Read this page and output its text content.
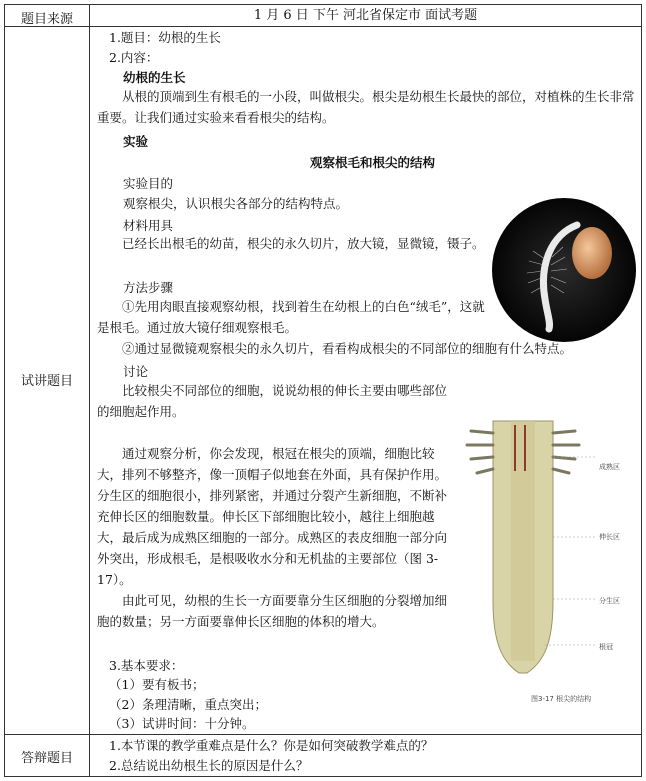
题目来源	1 月 6 日 下午 河北省保定市 面试考题
试讲题目
答辩题目
1.题目：幼根的生长
2.内容：
幼根的生长
从根的顶端到生有根毛的一小段，叫做根尖。根尖是幼根生长最快的部位，对植株的生长非常重要。让我们通过实验来看看根尖的结构。
实验
观察根毛和根尖的结构
实验目的
观察根尖，认识根尖各部分的结构特点。
材料用具
已经长出根毛的幼苗，根尖的永久切片，放大镜，显微镜，镊子。
方法步骤
①先用肉眼直接观察幼根，找到着生在幼根上的白色“绒毛”，这就是根毛。通过放大镜仔细观察根毛。
②通过显微镜观察根尖的永久切片，看看构成根尖的不同部位的细胞有什么特点。
讨论
比较根尖不同部位的细胞，说说幼根的伸长主要由哪些部位的细胞起作用。
通过观察分析，你会发现，根冠在根尖的顶端，细胞比较大，排列不够整齐，像一顶帽子似地套在外面，具有保护作用。分生区的细胞很小，排列紧密，并通过分裂产生新细胞，不断补充伸长区的细胞数量。伸长区下部细胞比较小，越往上细胞越大，最后成为成熟区细胞的一部分。成熟区的表皮细胞一部分向外突出，形成根毛，是根吸收水分和无机盐的主要部位（图 3-17）。
由此可见，幼根的生长一方面要靠分生区细胞的分裂增加细胞的数量；另一方面要靠伸长区细胞的体积的增大。
3.基本要求：
（1）要有板书；
（2）条理清晰，重点突出；
（3）试讲时间：十分钟。
1.本节课的教学重难点是什么？你是如何突破教学难点的？
2.总结说出幼根生长的原因是什么？
成熟区
伸长区
分生区
根冠
图3-17 根尖的结构
